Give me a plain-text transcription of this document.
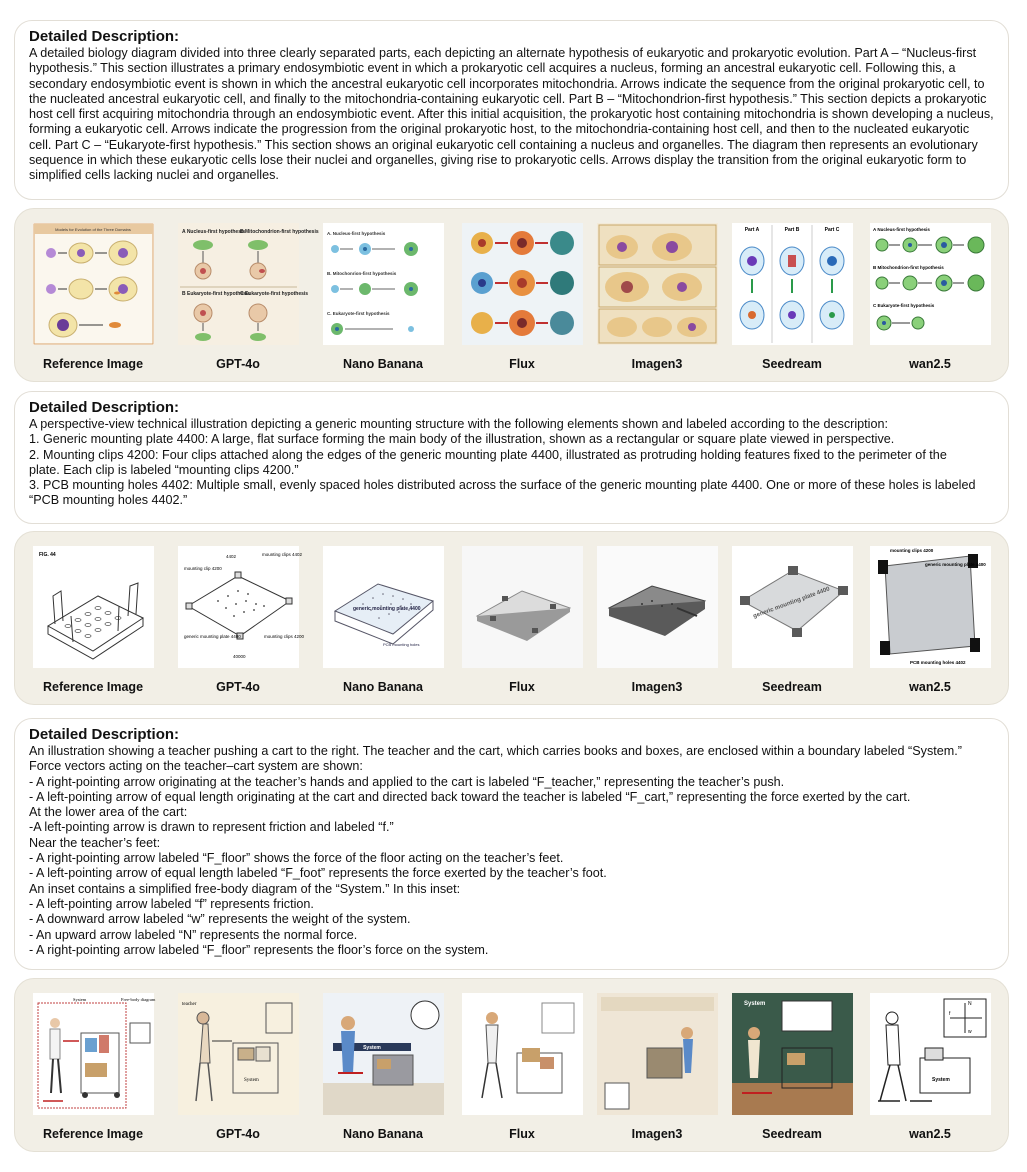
Detailed Description:

A detailed biology diagram divided into three clearly separated parts, each depicting an alternate hypothesis of eukaryotic and prokaryotic evolution. Part A – “Nucleus-first hypothesis.” This section illustrates a primary endosymbiotic event in which a prokaryotic cell acquires a nucleus, forming an ancestral eukaryotic cell. Following this, a secondary endosymbiotic event is shown in which the ancestral eukaryotic cell incorporates mitochondria. Arrows indicate the sequence from the original prokaryotic cell, to the nucleated ancestral eukaryotic cell, and finally to the mitochondria-containing eukaryotic cell. Part B – “Mitochondrion-first hypothesis.” This section depicts a prokaryotic host cell first acquiring mitochondria through an endosymbiotic event. After this initial acquisition, the prokaryotic host containing mitochondria is shown developing a nucleus, forming a eukaryotic cell. Arrows indicate the progression from the original prokaryotic host, to the mitochondria-containing host cell, and then to the nucleated eukaryotic cell. Part C – “Eukaryote-first hypothesis.” This section shows an original eukaryotic cell containing a nucleus and organelles. The diagram then represents an evolutionary sequence in which these eukaryotic cells lose their nuclei and organelles, giving rise to prokaryotic cells. Arrows display the transition from the original eukaryotic form to simplified cells lacking nuclei and organelles.

Models for Evolution of the Three Domains
Reference Image
A Nucleus-first hypothesis
B Mitochondrion-first hypothesis
B Eukaryote-first hypothesis
C Eukaryote-first hypothesis
GPT-4o
A. Nucleus-first hypothesis
B. Mitochonrion-first hypothesis
C. Eukaryote-first hypothesis
Nano Banana	Flux	Imagen3
Part A	Part B	Part C
Seedream
A Nucleus-first hypothesis
B Mitochondrion-first hypothesis
C Eukaryote-first hypothesis
wan2.5
Detailed Description:
A perspective-view technical illustration depicting a generic mounting structure with the following elements shown and labeled according to the description:
1. Generic mounting plate 4400: A large, flat surface forming the main body of the illustration, shown as a rectangular or square plate viewed in perspective.
2. Mounting clips 4200: Four clips attached along the edges of the generic mounting plate 4400, illustrated as protruding holding features fixed to the perimeter of the
plate. Each clip is labeled “mounting clips 4200.”
3. PCB mounting holes 4402: Multiple small, evenly spaced holes distributed across the surface of the generic mounting plate 4400. One or more of these holes is labeled
“PCB mounting holes 4402.”
FIG. 44
Reference Image
4402	mounting clips 4402
mounting clip 4200
generic mounting plate 4400	mounting clips 4200
40000
GPT-4o
generic mounting plate 4400
PCB mounting holes
Nano Banana	Flux	Imagen3
generic mounting plate 4400
Seedream
mounting clips 4200
generic mounting plate 4400
PCB mounting holes 4402
wan2.5
Detailed Description:
An illustration showing a teacher pushing a cart to the right. The teacher and the cart, which carries books and boxes, are enclosed within a boundary labeled “System.”
Force vectors acting on the teacher–cart system are shown:
- A right-pointing arrow originating at the teacher’s hands and applied to the cart is labeled “F_teacher,” representing the teacher’s push.
- A left-pointing arrow of equal length originating at the cart and directed back toward the teacher is labeled “F_cart,” representing the force exerted by the cart.
At the lower area of the cart:
-A left-pointing arrow is drawn to represent friction and labeled “f.”
Near the teacher’s feet:
- A right-pointing arrow labeled “F_floor” shows the force of the floor acting on the teacher’s feet.
- A left-pointing arrow of equal length labeled “F_foot” represents the force exerted by the teacher’s foot.
An inset contains a simplified free-body diagram of the “System.” In this inset:
- A left-pointing arrow labeled “f” represents friction.
- A downward arrow labeled “w” represents the weight of the system.
- An upward arrow labeled “N” represents the normal force.
- A right-pointing arrow labeled “F_floor” represents the floor’s force on the system.
System	Free-body diagram
Reference Image
teacher
System
GPT-4o
System
Nano Banana	Flux	Imagen3
System
Seedream
System
N
w
f
wan2.5
